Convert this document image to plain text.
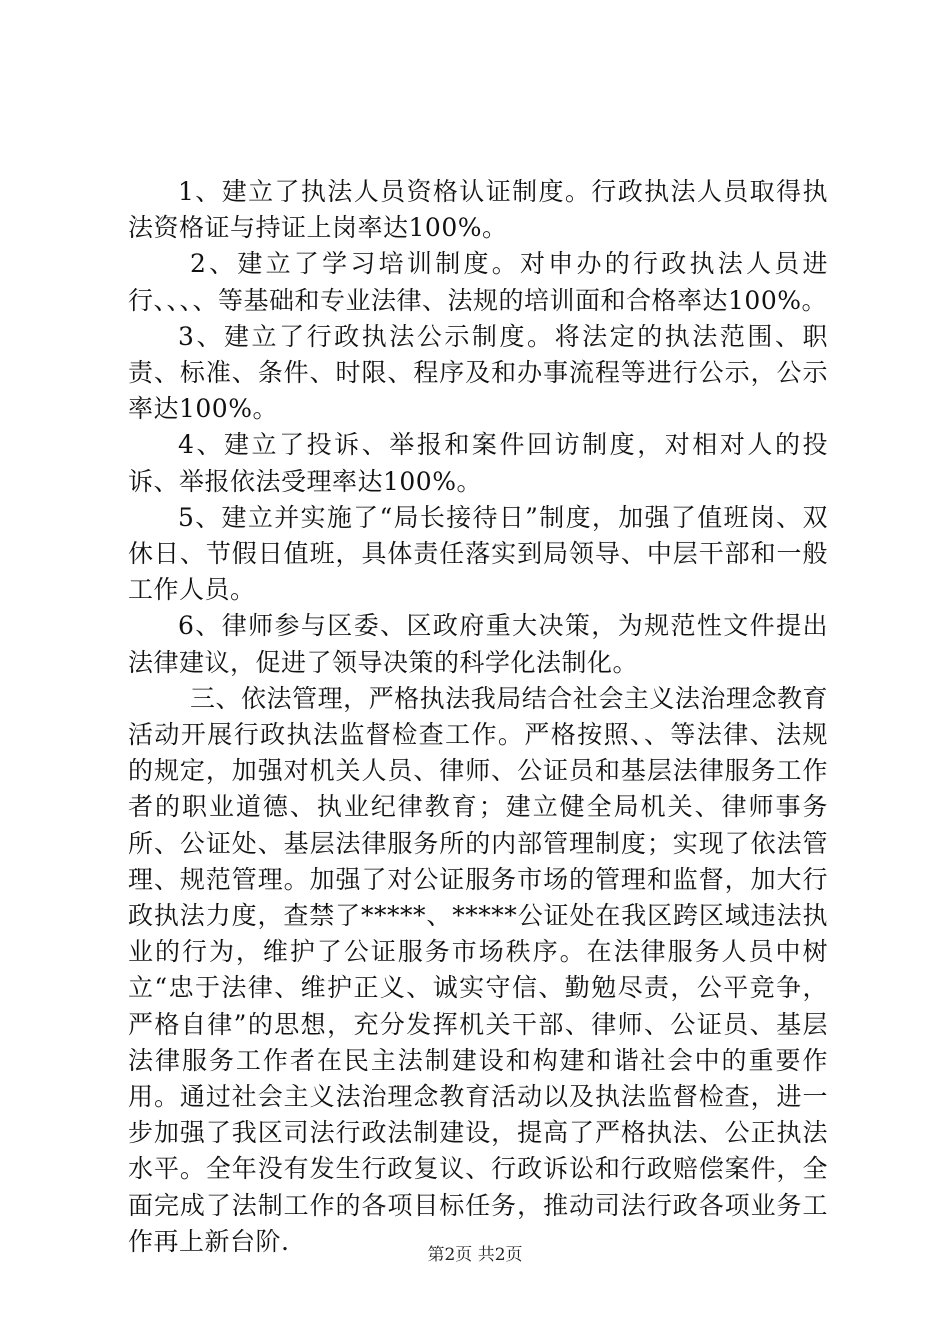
1、建立了执法人员资格认证制度。行政执法人员取得执法资格证与持证上岗率达100%。

2、建立了学习培训制度。对申办的行政执法人员进行、、、、等基础和专业法律、法规的培训面和合格率达100%。

3、建立了行政执法公示制度。将法定的执法范围、职责、标准、条件、时限、程序及和办事流程等进行公示，公示率达100%。

4、建立了投诉、举报和案件回访制度，对相对人的投诉、举报依法受理率达100%。

5、建立并实施了“局长接待日”制度，加强了值班岗、双休日、节假日值班，具体责任落实到局领导、中层干部和一般工作人员。

6、律师参与区委、区政府重大决策，为规范性文件提出法律建议，促进了领导决策的科学化法制化。

三、依法管理，严格执法我局结合社会主义法治理念教育活动开展行政执法监督检查工作。严格按照、、等法律、法规的规定，加强对机关人员、律师、公证员和基层法律服务工作者的职业道德、执业纪律教育；建立健全局机关、律师事务所、公证处、基层法律服务所的内部管理制度；实现了依法管理、规范管理。加强了对公证服务市场的管理和监督，加大行政执法力度，查禁了*****、*****公证处在我区跨区域违法执业的行为，维护了公证服务市场秩序。在法律服务人员中树立“忠于法律、维护正义、诚实守信、勤勉尽责，公平竞争，严格自律”的思想，充分发挥机关干部、律师、公证员、基层法律服务工作者在民主法制建设和构建和谐社会中的重要作用。通过社会主义法治理念教育活动以及执法监督检查，进一步加强了我区司法行政法制建设，提高了严格执法、公正执法水平。全年没有发生行政复议、行政诉讼和行政赔偿案件，全面完成了法制工作的各项目标任务，推动司法行政各项业务工作再上新台阶.	第2页 共2页
